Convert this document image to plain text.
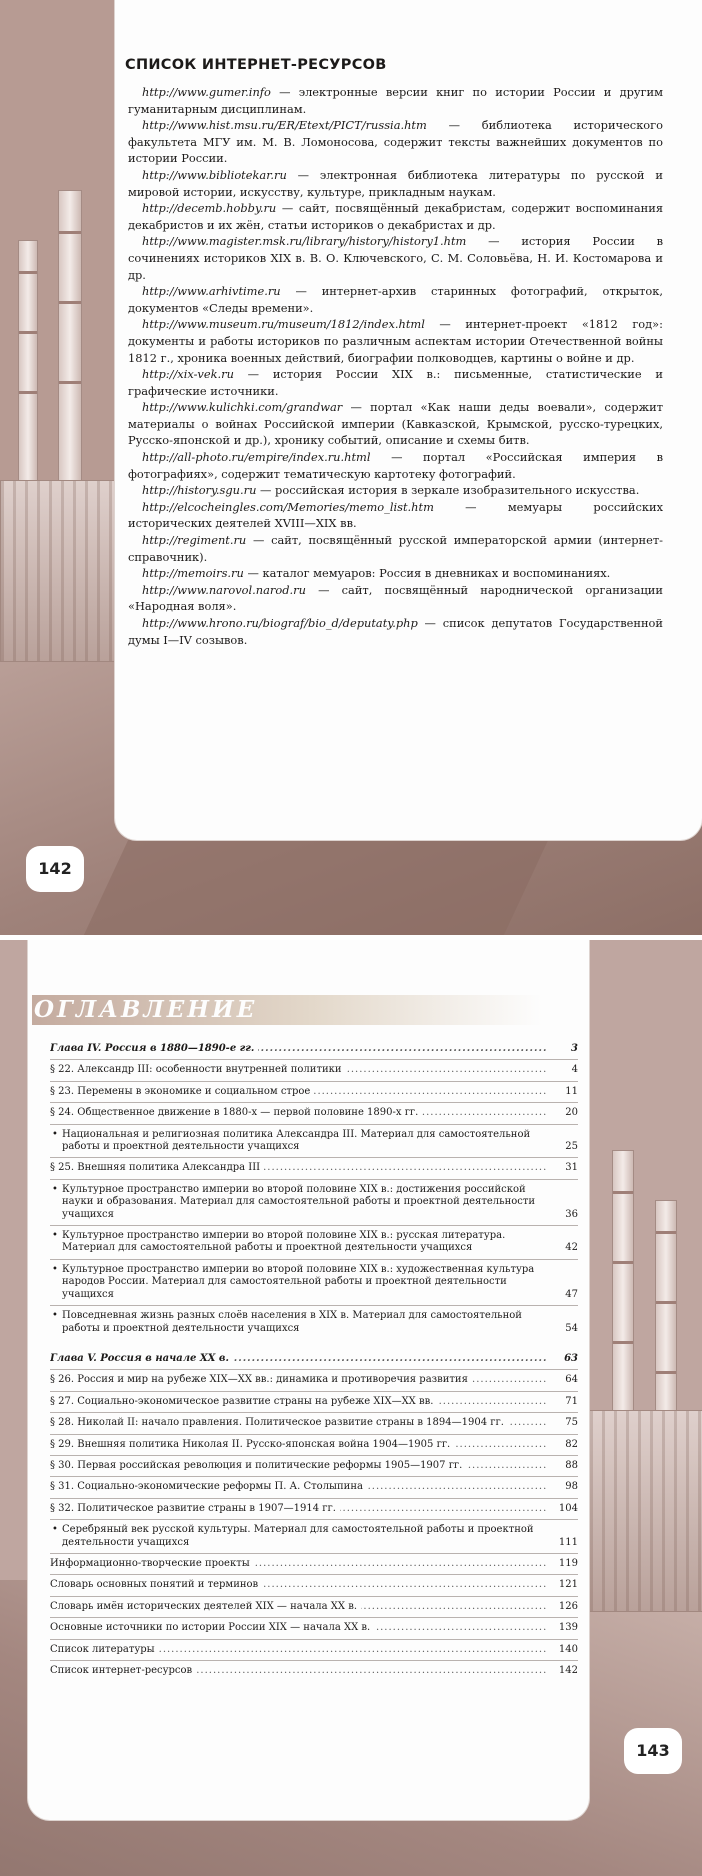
СПИСОК ИНТЕРНЕТ-РЕСУРСОВ
http://www.gumer.info — электронные версии книг по истории России и другим гуманитарным дисциплинам.
http://www.hist.msu.ru/ER/Etext/PICT/russia.htm — библиотека исторического факультета МГУ им. М. В. Ломоносова, содержит тексты важнейших документов по истории России.
http://www.bibliotekar.ru — электронная библиотека литературы по русской и мировой истории, искусству, культуре, прикладным наукам.
http://decemb.hobby.ru — сайт, посвящённый декабристам, содержит воспоминания декабристов и их жён, статьи историков о декабристах и др.
http://www.magister.msk.ru/library/history/history1.htm — история России в сочинениях историков XIX в. В. О. Ключевского, С. М. Соловьёва, Н. И. Костомарова и др.
http://www.arhivtime.ru — интернет-архив старинных фотографий, открыток, документов «Следы времени».
http://www.museum.ru/museum/1812/index.html — интернет-проект «1812 год»: документы и работы историков по различным аспектам истории Отечественной войны 1812 г., хроника военных действий, биографии полководцев, картины о войне и др.
http://xix-vek.ru — история России XIX в.: письменные, статистические и графические источники.
http://www.kulichki.com/grandwar — портал «Как наши деды воевали», содержит материалы о войнах Российской империи (Кавказской, Крымской, русско-турецких, Русско-японской и др.), хронику событий, описание и схемы битв.
http://all-photo.ru/empire/index.ru.html — портал «Российская империя в фотографиях», содержит тематическую картотеку фотографий.
http://history.sgu.ru — российская история в зеркале изобразительного искусства.
http://elcocheingles.com/Memories/memo_list.htm — мемуары российских исторических деятелей XVIII—XIX вв.
http://regiment.ru — сайт, посвящённый русской императорской армии (интернет-справочник).
http://memoirs.ru — каталог мемуаров: Россия в дневниках и воспоминаниях.
http://www.narovol.narod.ru — сайт, посвящённый народнической организации «Народная воля».
http://www.hrono.ru/biograf/bio_d/deputaty.php — список депутатов Государственной думы I—IV созывов.
142
ОГЛАВЛЕНИЕ
Глава IV. Россия в 1880—1890-е гг. .....	3
§ 22. Александр III: особенности внутренней политики .....	4
§ 23. Перемены в экономике и социальном строе .....	11
§ 24. Общественное движение в 1880-х — первой половине 1890-х гг. .....	20
• Национальная и религиозная политика Александра III. Материал для самостоятельной работы и проектной деятельности учащихся	25
§ 25. Внешняя политика Александра III .....	31
• Культурное пространство империи во второй половине XIX в.: достижения российской науки и образования. Материал для самостоятельной работы и проектной деятельности учащихся	36
• Культурное пространство империи во второй половине XIX в.: русская литература. Материал для самостоятельной работы и проектной деятельности учащихся	42
• Культурное пространство империи во второй половине XIX в.: художественная культура народов России. Материал для самостоятельной работы и проектной деятельности учащихся	47
• Повседневная жизнь разных слоёв населения в XIX в. Материал для самостоятельной работы и проектной деятельности учащихся	54
Глава V. Россия в начале XX в. .....	63
§ 26. Россия и мир на рубеже XIX—XX вв.: динамика и противоречия развития .....	64
§ 27. Социально-экономическое развитие страны на рубеже XIX—XX вв. .....	71
§ 28. Николай II: начало правления. Политическое развитие страны в 1894—1904 гг. .....	75
§ 29. Внешняя политика Николая II. Русско-японская война 1904—1905 гг. .....	82
§ 30. Первая российская революция и политические реформы 1905—1907 гг. .....	88
§ 31. Социально-экономические реформы П. А. Столыпина .....	98
§ 32. Политическое развитие страны в 1907—1914 гг. .....	104
• Серебряный век русской культуры. Материал для самостоятельной работы и проектной деятельности учащихся	111
Информационно-творческие проекты .....	119
Словарь основных понятий и терминов .....	121
Словарь имён исторических деятелей XIX — начала XX в. .....	126
Основные источники по истории России XIX — начала XX в. .....	139
Список литературы .....	140
Список интернет-ресурсов .....	142
143
